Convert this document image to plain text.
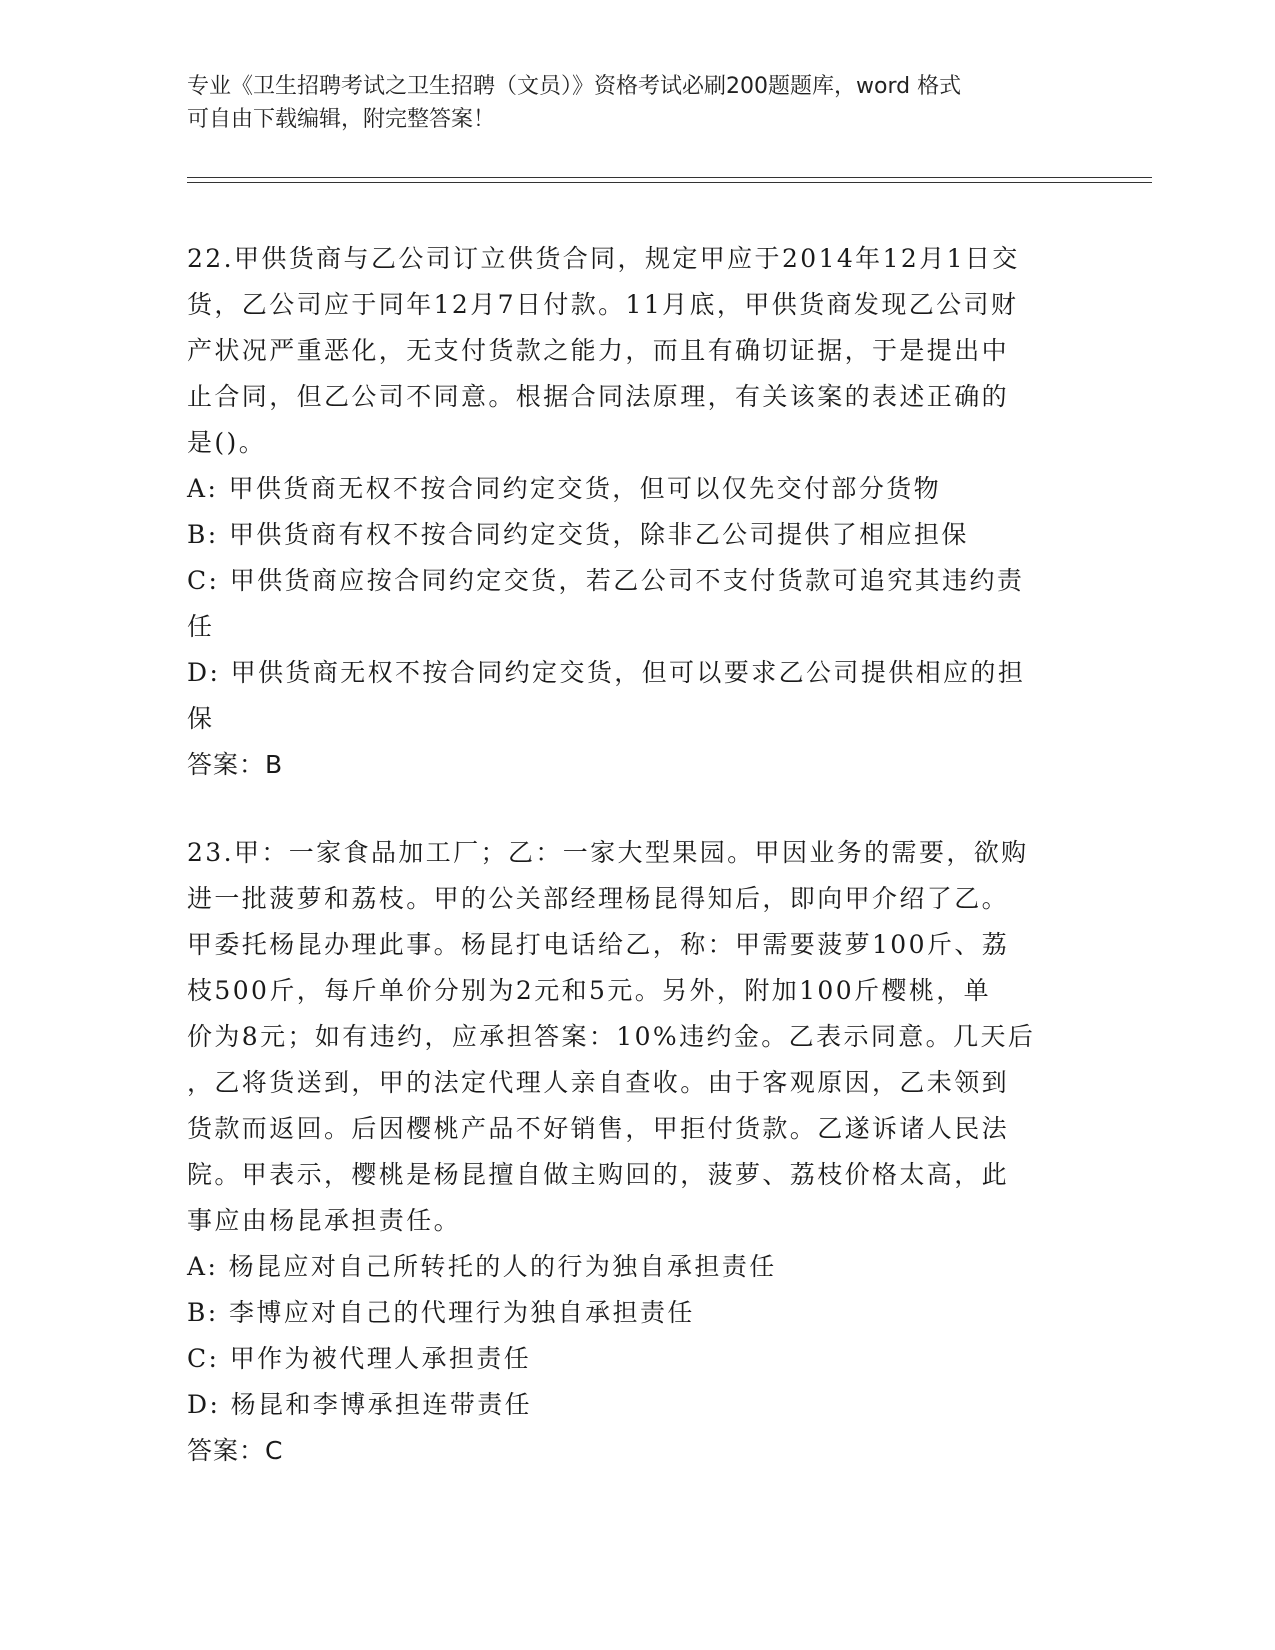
专业《卫生招聘考试之卫生招聘（文员）》资格考试必刷200题题库，word 格式
可自由下载编辑，附完整答案！
22.甲供货商与乙公司订立供货合同，规定甲应于2014年12月1日交
货，乙公司应于同年12月7日付款。11月底，甲供货商发现乙公司财
产状况严重恶化，无支付货款之能力，而且有确切证据，于是提出中
止合同，但乙公司不同意。根据合同法原理，有关该案的表述正确的
是()。
A: 甲供货商无权不按合同约定交货，但可以仅先交付部分货物
B: 甲供货商有权不按合同约定交货，除非乙公司提供了相应担保
C: 甲供货商应按合同约定交货，若乙公司不支付货款可追究其违约责
任
D: 甲供货商无权不按合同约定交货，但可以要求乙公司提供相应的担
保
答案：B
23.甲：一家食品加工厂；乙：一家大型果园。甲因业务的需要，欲购
进一批菠萝和荔枝。甲的公关部经理杨昆得知后，即向甲介绍了乙。
甲委托杨昆办理此事。杨昆打电话给乙，称：甲需要菠萝100斤、荔
枝500斤，每斤单价分别为2元和5元。另外，附加100斤樱桃，单
价为8元；如有违约，应承担答案：10%违约金。乙表示同意。几天后
，乙将货送到，甲的法定代理人亲自查收。由于客观原因，乙未领到
货款而返回。后因樱桃产品不好销售，甲拒付货款。乙遂诉诸人民法
院。甲表示，樱桃是杨昆擅自做主购回的，菠萝、荔枝价格太高，此
事应由杨昆承担责任。
A: 杨昆应对自己所转托的人的行为独自承担责任
B: 李博应对自己的代理行为独自承担责任
C: 甲作为被代理人承担责任
D: 杨昆和李博承担连带责任
答案：C
